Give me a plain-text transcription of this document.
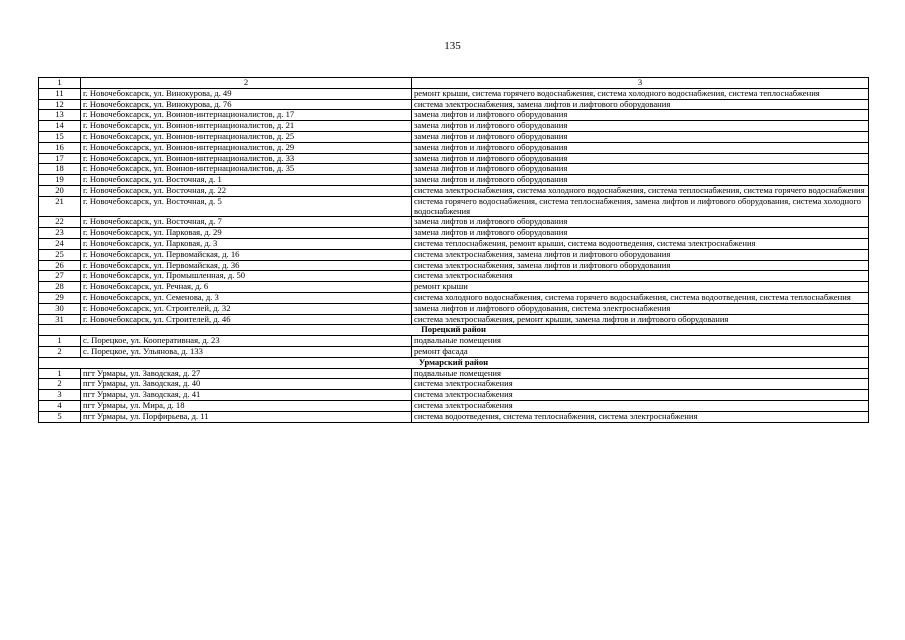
135
1	2	3
11	г. Новочебоксарск, ул. Винокурова, д. 49	ремонт крыши, система горячего водоснабжения, система холодного водоснабжения, система теплоснабжения
12	г. Новочебоксарск, ул. Винокурова, д. 76	система электроснабжения, замена лифтов и лифтового оборудования
13	г. Новочебоксарск, ул. Воинов-интернационалистов, д. 17	замена лифтов и лифтового оборудования
14	г. Новочебоксарск, ул. Воинов-интернационалистов, д. 21	замена лифтов и лифтового оборудования
15	г. Новочебоксарск, ул. Воинов-интернационалистов, д. 25	замена лифтов и лифтового оборудования
16	г. Новочебоксарск, ул. Воинов-интернационалистов, д. 29	замена лифтов и лифтового оборудования
17	г. Новочебоксарск, ул. Воинов-интернационалистов, д. 33	замена лифтов и лифтового оборудования
18	г. Новочебоксарск, ул. Воинов-интернационалистов, д. 35	замена лифтов и лифтового оборудования
19	г. Новочебоксарск, ул. Восточная, д. 1	замена лифтов и лифтового оборудования
20	г. Новочебоксарск, ул. Восточная, д. 22	система электроснабжения, система холодного водоснабжения, система теплоснабжения, система горячего водоснабжения
21	г. Новочебоксарск, ул. Восточная, д. 5	система горячего водоснабжения, система теплоснабжения, замена лифтов и лифтового оборудования, система холодного водоснабжения
22	г. Новочебоксарск, ул. Восточная, д. 7	замена лифтов и лифтового оборудования
23	г. Новочебоксарск, ул. Парковая, д. 29	замена лифтов и лифтового оборудования
24	г. Новочебоксарск, ул. Парковая, д. 3	система теплоснабжения, ремонт крыши, система водоотведения, система электроснабжения
25	г. Новочебоксарск, ул. Первомайская, д. 16	система электроснабжения, замена лифтов и лифтового оборудования
26	г. Новочебоксарск, ул. Первомайская, д. 36	система электроснабжения, замена лифтов и лифтового оборудования
27	г. Новочебоксарск, ул. Промышленная, д. 50	система электроснабжения
28	г. Новочебоксарск, ул. Речная, д. 6	ремонт крыши
29	г. Новочебоксарск, ул. Семенова, д. 3	система холодного водоснабжения, система горячего водоснабжения, система водоотведения, система теплоснабжения
30	г. Новочебоксарск, ул. Строителей, д. 32	замена лифтов и лифтового оборудования, система электроснабжения
31	г. Новочебоксарск, ул. Строителей, д. 46	система электроснабжения, ремонт крыши, замена лифтов и лифтового оборудования
Порецкий район		
1	с. Порецкое, ул. Кооперативная, д. 23	подвальные помещения
2	с. Порецкое, ул. Ульянова, д. 133	ремонт фасада
Урмарский район		
1	пгт Урмары, ул. Заводская, д. 27	подвальные помещения
2	пгт Урмары, ул. Заводская, д. 40	система электроснабжения
3	пгт Урмары, ул. Заводская, д. 41	система электроснабжения
4	пгт Урмары, ул. Мира, д. 18	система электроснабжения
5	пгт Урмары, ул. Порфирьева, д. 11	система водоотведения, система теплоснабжения, система электроснабжения
